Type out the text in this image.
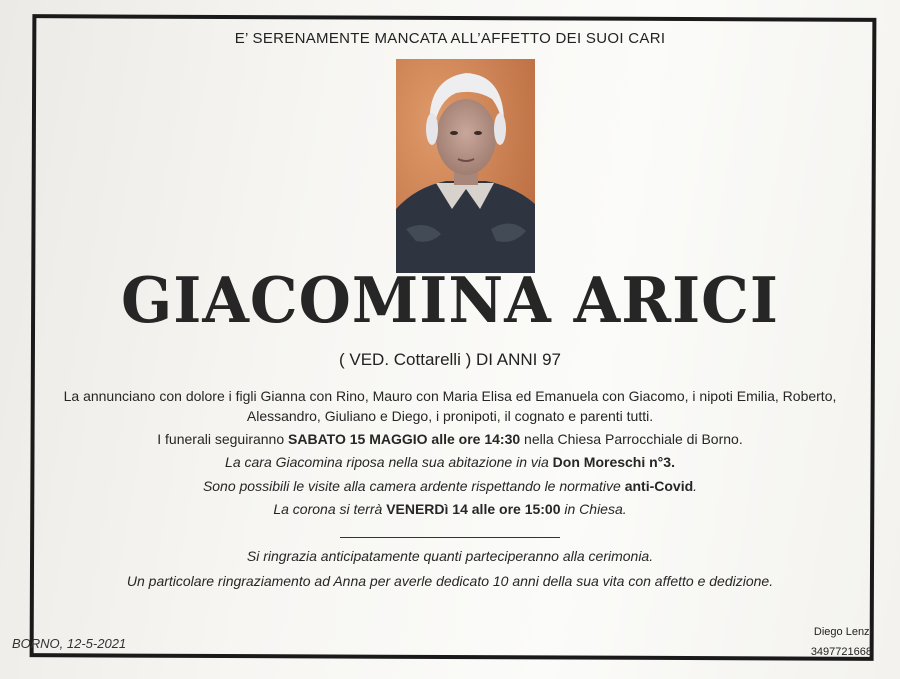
E’ SERENAMENTE MANCATA ALL’AFFETTO DEI SUOI CARI
GIACOMINA ARICI
( VED. Cottarelli ) DI ANNI 97
La annunciano con dolore i figli Gianna con Rino, Mauro con Maria Elisa ed Emanuela con Giacomo, i nipoti Emilia, Roberto,
Alessandro, Giuliano e Diego, i pronipoti, il cognato e parenti tutti.
I funerali seguiranno SABATO 15 MAGGIO alle ore 14:30 nella Chiesa Parrocchiale di Borno.
La cara Giacomina riposa nella sua abitazione in via Don Moreschi n°3.
Sono possibili le visite alla camera ardente rispettando le normative anti-Covid.
La corona si terrà VENERDì 14 alle ore 15:00 in Chiesa.
Si ringrazia anticipatamente quanti parteciperanno alla cerimonia.
Un particolare ringraziamento ad Anna per averle dedicato 10 anni della sua vita con affetto e dedizione.
BORNO, 12-5-2021
Diego Lenzi
3497721668
